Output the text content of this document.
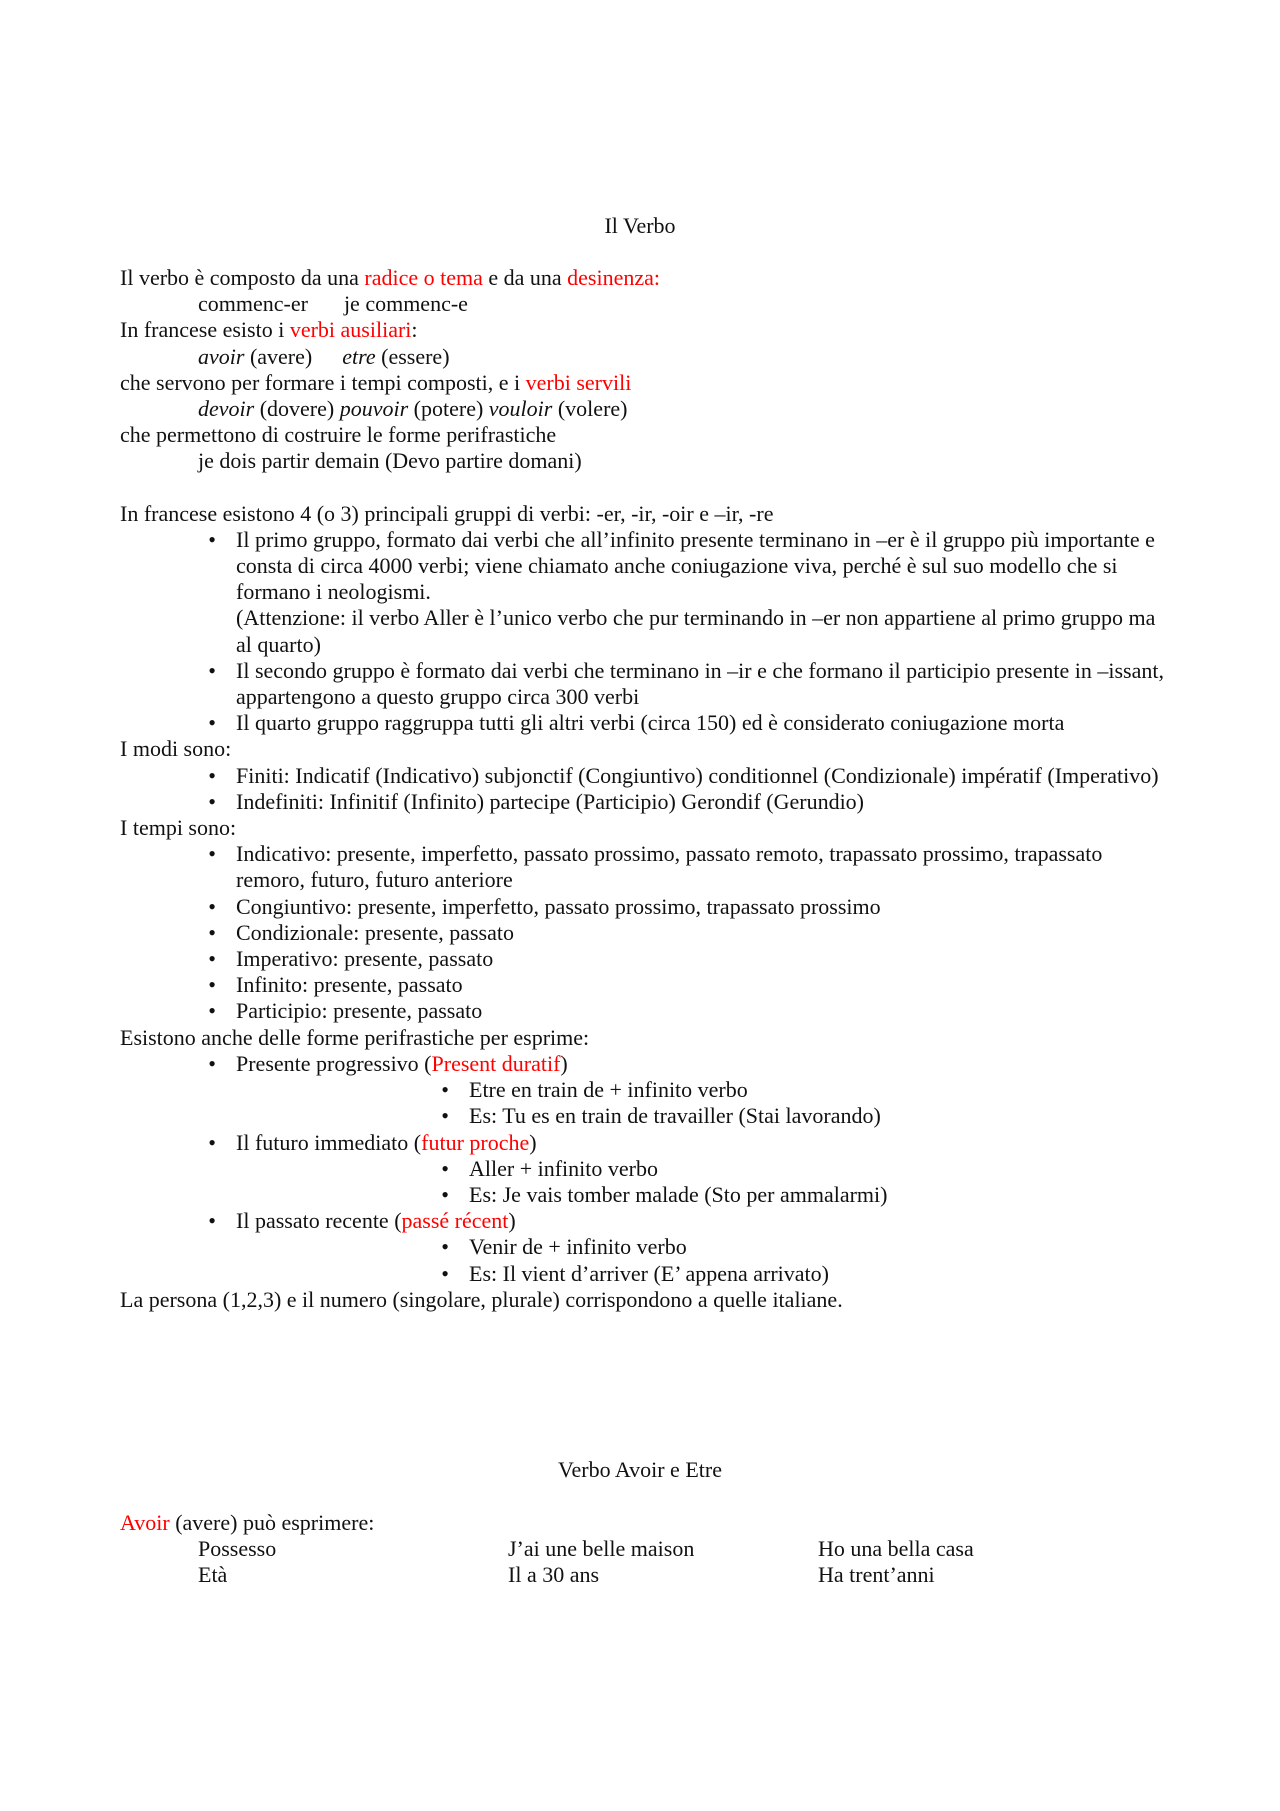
Il Verbo
Il verbo è composto da una radice o tema e da una desinenza:
commenc-er je commenc-e
In francese esisto i verbi ausiliari:
avoir (avere) etre (essere)
che servono per formare i tempi composti, e i verbi servili
devoir (dovere) pouvoir (potere) vouloir (volere)
che permettono di costruire le forme perifrastiche
je dois partir demain (Devo partire domani)
In francese esistono 4 (o 3) principali gruppi di verbi: -er, -ir, -oir e –ir, -re
• Il primo gruppo, formato dai verbi che all’infinito presente terminano in –er è il gruppo più importante e consta di circa 4000 verbi; viene chiamato anche coniugazione viva, perché è sul suo modello che si formano i neologismi.
(Attenzione: il verbo Aller è l’unico verbo che pur terminando in –er non appartiene al primo gruppo ma al quarto)
• Il secondo gruppo è formato dai verbi che terminano in –ir e che formano il participio presente in –issant, appartengono a questo gruppo circa 300 verbi
• Il quarto gruppo raggruppa tutti gli altri verbi (circa 150) ed è considerato coniugazione morta
I modi sono:
• Finiti: Indicatif (Indicativo) subjonctif (Congiuntivo) conditionnel (Condizionale) impératif (Imperativo)
• Indefiniti: Infinitif (Infinito) partecipe (Participio) Gerondif (Gerundio)
I tempi sono:
• Indicativo: presente, imperfetto, passato prossimo, passato remoto, trapassato prossimo, trapassato remoro, futuro, futuro anteriore
• Congiuntivo: presente, imperfetto, passato prossimo, trapassato prossimo
• Condizionale: presente, passato
• Imperativo: presente, passato
• Infinito: presente, passato
• Participio: presente, passato
Esistono anche delle forme perifrastiche per esprime:
• Presente progressivo (Present duratif)
• Etre en train de + infinito verbo
• Es: Tu es en train de travailler (Stai lavorando)
• Il futuro immediato (futur proche)
• Aller + infinito verbo
• Es: Je vais tomber malade (Sto per ammalarmi)
• Il passato recente (passé récent)
• Venir de + infinito verbo
• Es: Il vient d’arriver (E’ appena arrivato)
La persona (1,2,3) e il numero (singolare, plurale) corrispondono a quelle italiane.
Verbo Avoir e Etre
Avoir (avere) può esprimere:
Possesso	J’ai une belle maison	Ho una bella casa
Età	Il a 30 ans	Ha trent’anni
